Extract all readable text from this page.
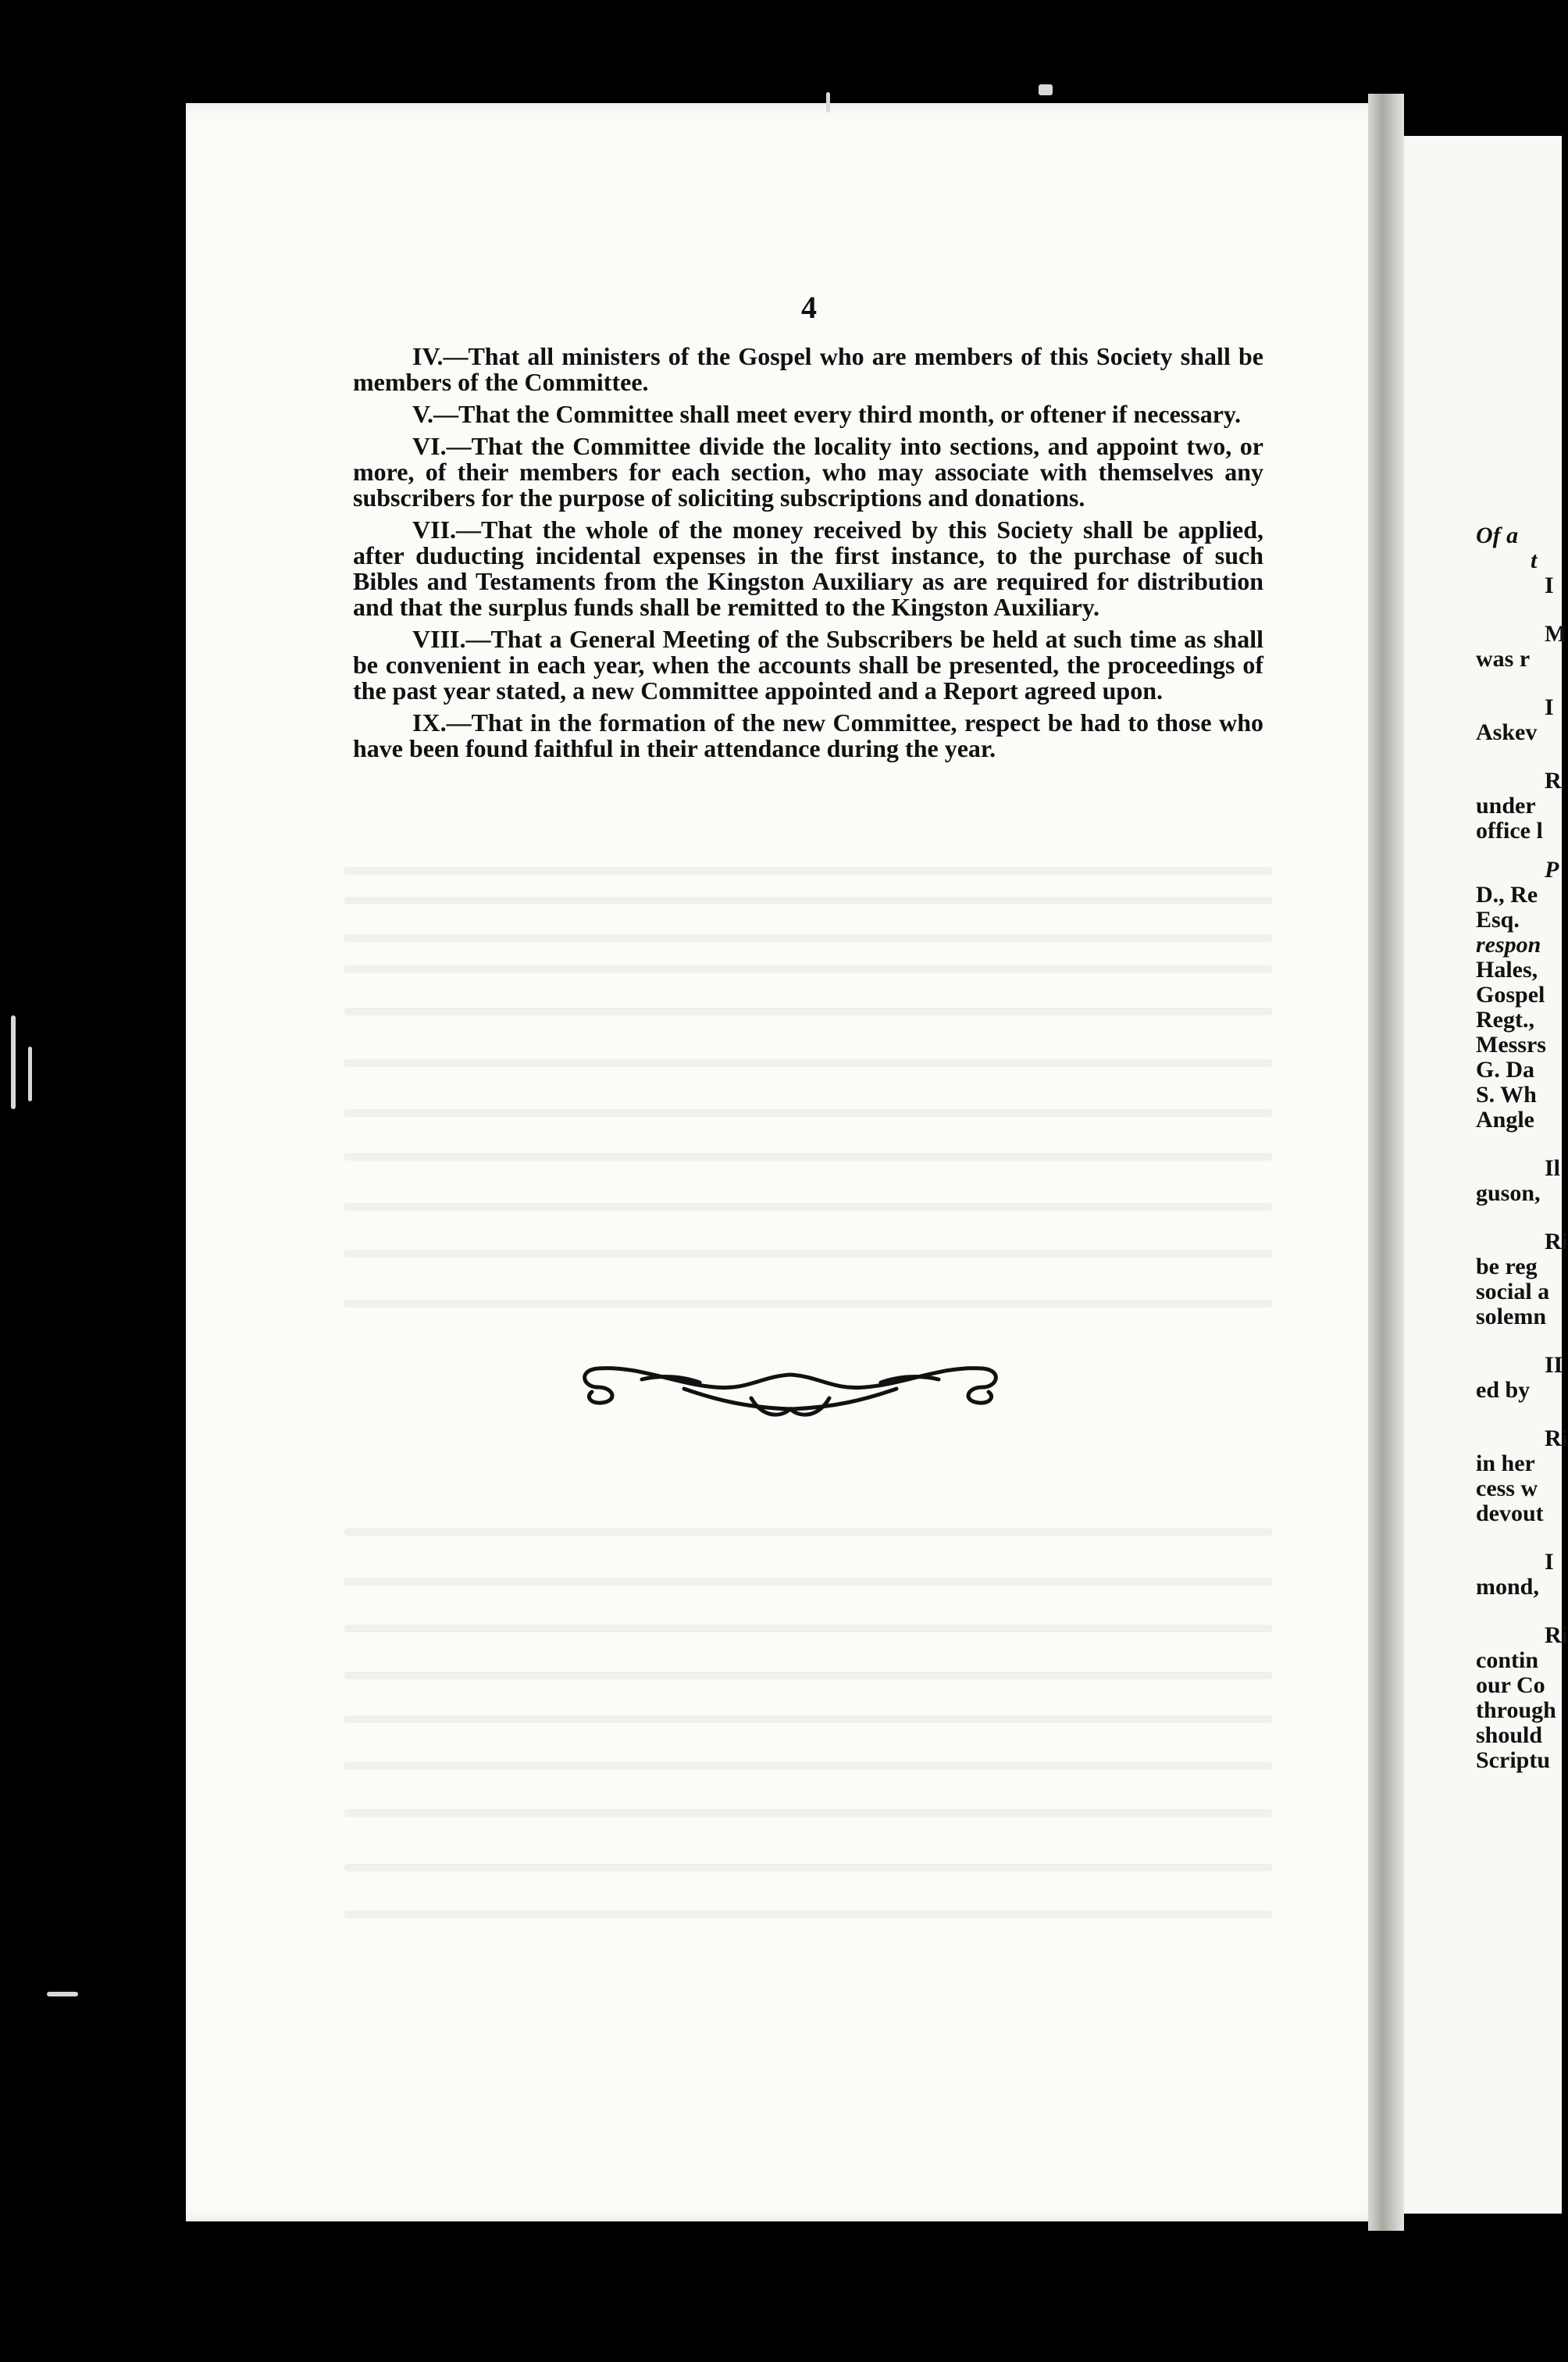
4

IV.—That all ministers of the Gospel who are members of this Society shall be members of the Committee.

V.—That the Committee shall meet every third month, or oftener if necessary.

VI.—That the Committee divide the locality into sections, and appoint two, or more, of their members for each section, who may associate with themselves any subscribers for the purpose of soliciting subscriptions and donations.

VII.—That the whole of the money received by this Society shall be applied, after duducting incidental expenses in the first instance, to the purchase of such Bibles and Testaments from the Kingston Auxiliary as are required for distribution and that the surplus funds shall be remitted to the Kingston Auxiliary.

VIII.—That a General Meeting of the Subscribers be held at such time as shall be convenient in each year, when the accounts shall be presented, the proceedings of the past year stated, a new Committee appointed and a Report agreed upon.

IX.—That in the formation of the new Committee, respect be had to those who have been found faithful in their attendance during the year.

Of a
t
I
M
was r
I
Askev
R
under
office l
P
D., Re
Esq.
respon
Hales,
Gospel
Regt.,
Messrs
G. Da
S. Wh
Angle
Il
guson,
Ri
be reg
social a
solemn
II
ed by
Ri
in her
cess w
devout
I
mond,
Ri
contin
our Co
through
should
Scriptu
